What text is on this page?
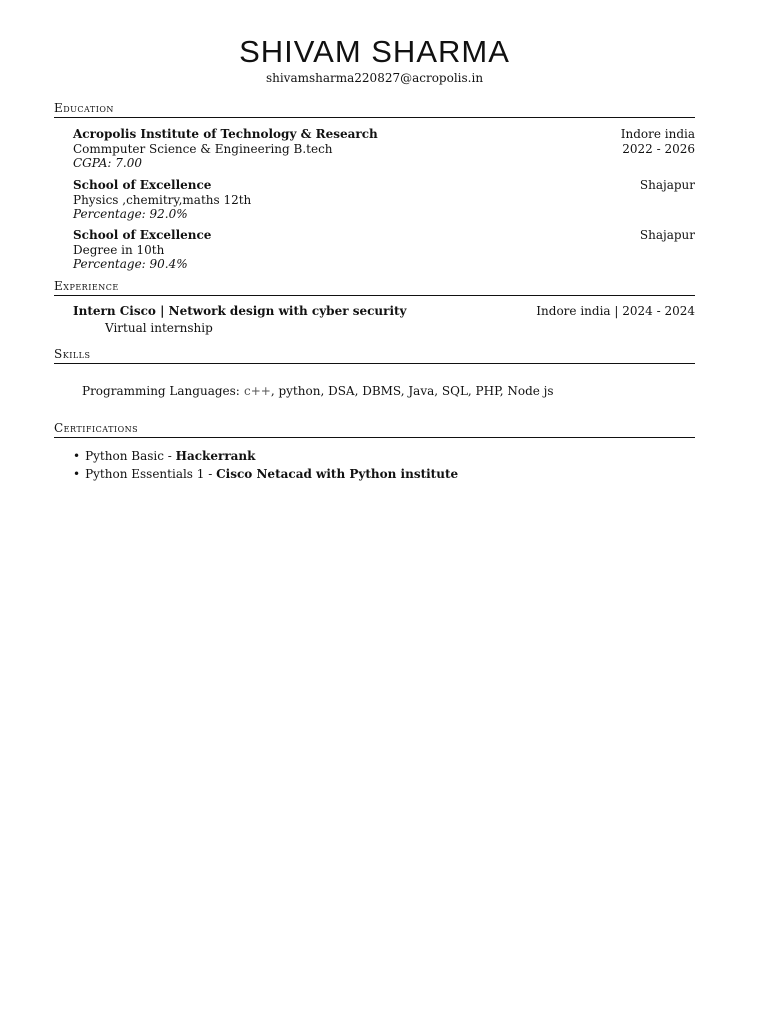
SHIVAM SHARMA
shivamsharma220827@acropolis.in
Education
Acropolis Institute of Technology & Research	Indore india
Commputer Science & Engineering B.tech	2022 - 2026
CGPA: 7.00
School of Excellence	Shajapur
Physics ,chemitry,maths 12th
Percentage: 92.0%
School of Excellence	Shajapur
Degree in 10th
Percentage: 90.4%
Experience
Intern Cisco | Network design with cyber security	Indore india | 2024 - 2024
Virtual internship
Skills
Programming Languages: c++, python, DSA, DBMS, Java, SQL, PHP, Node js
Certifications
• Python Basic - Hackerrank
• Python Essentials 1 - Cisco Netacad with Python institute
